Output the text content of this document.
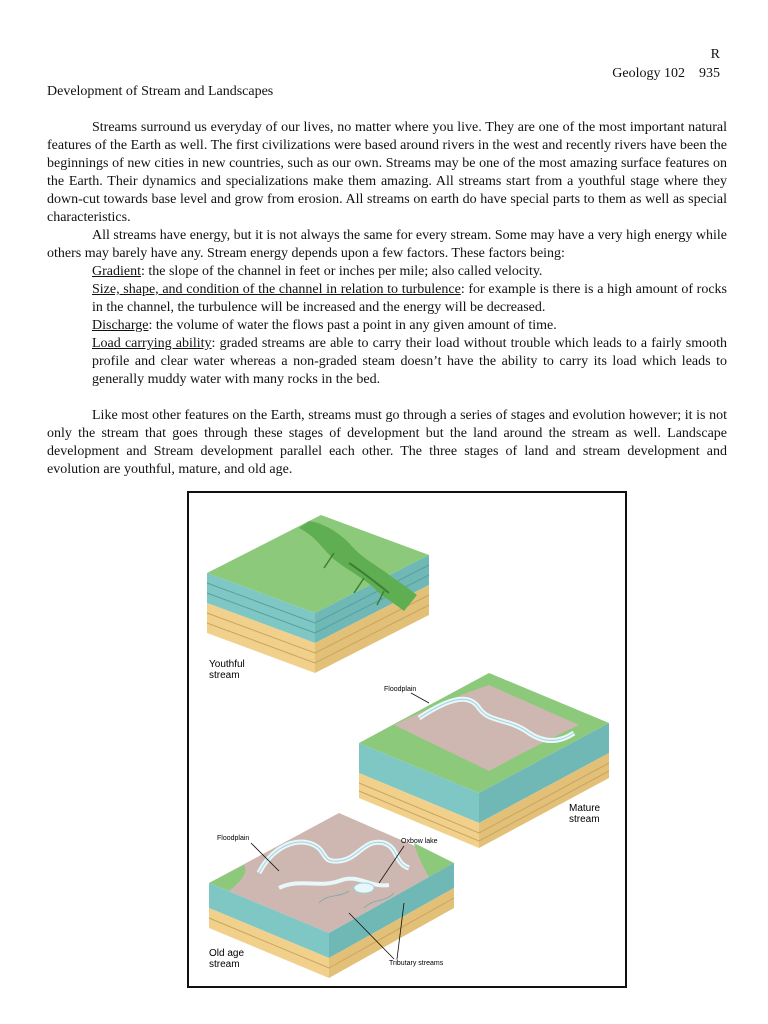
R
Geology 102    935
Development of Stream and Landscapes

Streams surround us everyday of our lives, no matter where you live. They are one of the most important natural features of the Earth as well. The first civilizations were based around rivers in the west and recently rivers have been the beginnings of new cities in new countries, such as our own. Streams may be one of the most amazing surface features on the Earth. Their dynamics and specializations make them amazing. All streams start from a youthful stage where they down-cut towards base level and grow from erosion. All streams on earth do have special parts to them as well as special characteristics.

All streams have energy, but it is not always the same for every stream. Some may have a very high energy while others may barely have any. Stream energy depends upon a few factors. These factors being:

Gradient: the slope of the channel in feet or inches per mile; also called velocity.
Size, shape, and condition of the channel in relation to turbulence: for example is there is a high amount of rocks in the channel, the turbulence will be increased and the energy will be decreased.
Discharge: the volume of water the flows past a point in any given amount of time.
Load carrying ability: graded streams are able to carry their load without trouble which leads to a fairly smooth profile and clear water whereas a non-graded steam doesn’t have the ability to carry its load which leads to generally muddy water with many rocks in the bed.

Like most other features on the Earth, streams must go through a series of stages and evolution however; it is not only the stream that goes through these stages of development but the land around the stream as well. Landscape development and Stream development parallel each other. The three stages of land and stream development and evolution are youthful, mature, and old age.

Youthful
stream
Mature
stream
Floodplain
Old age
stream
Floodplain	Oxbow lake
Tributary streams
